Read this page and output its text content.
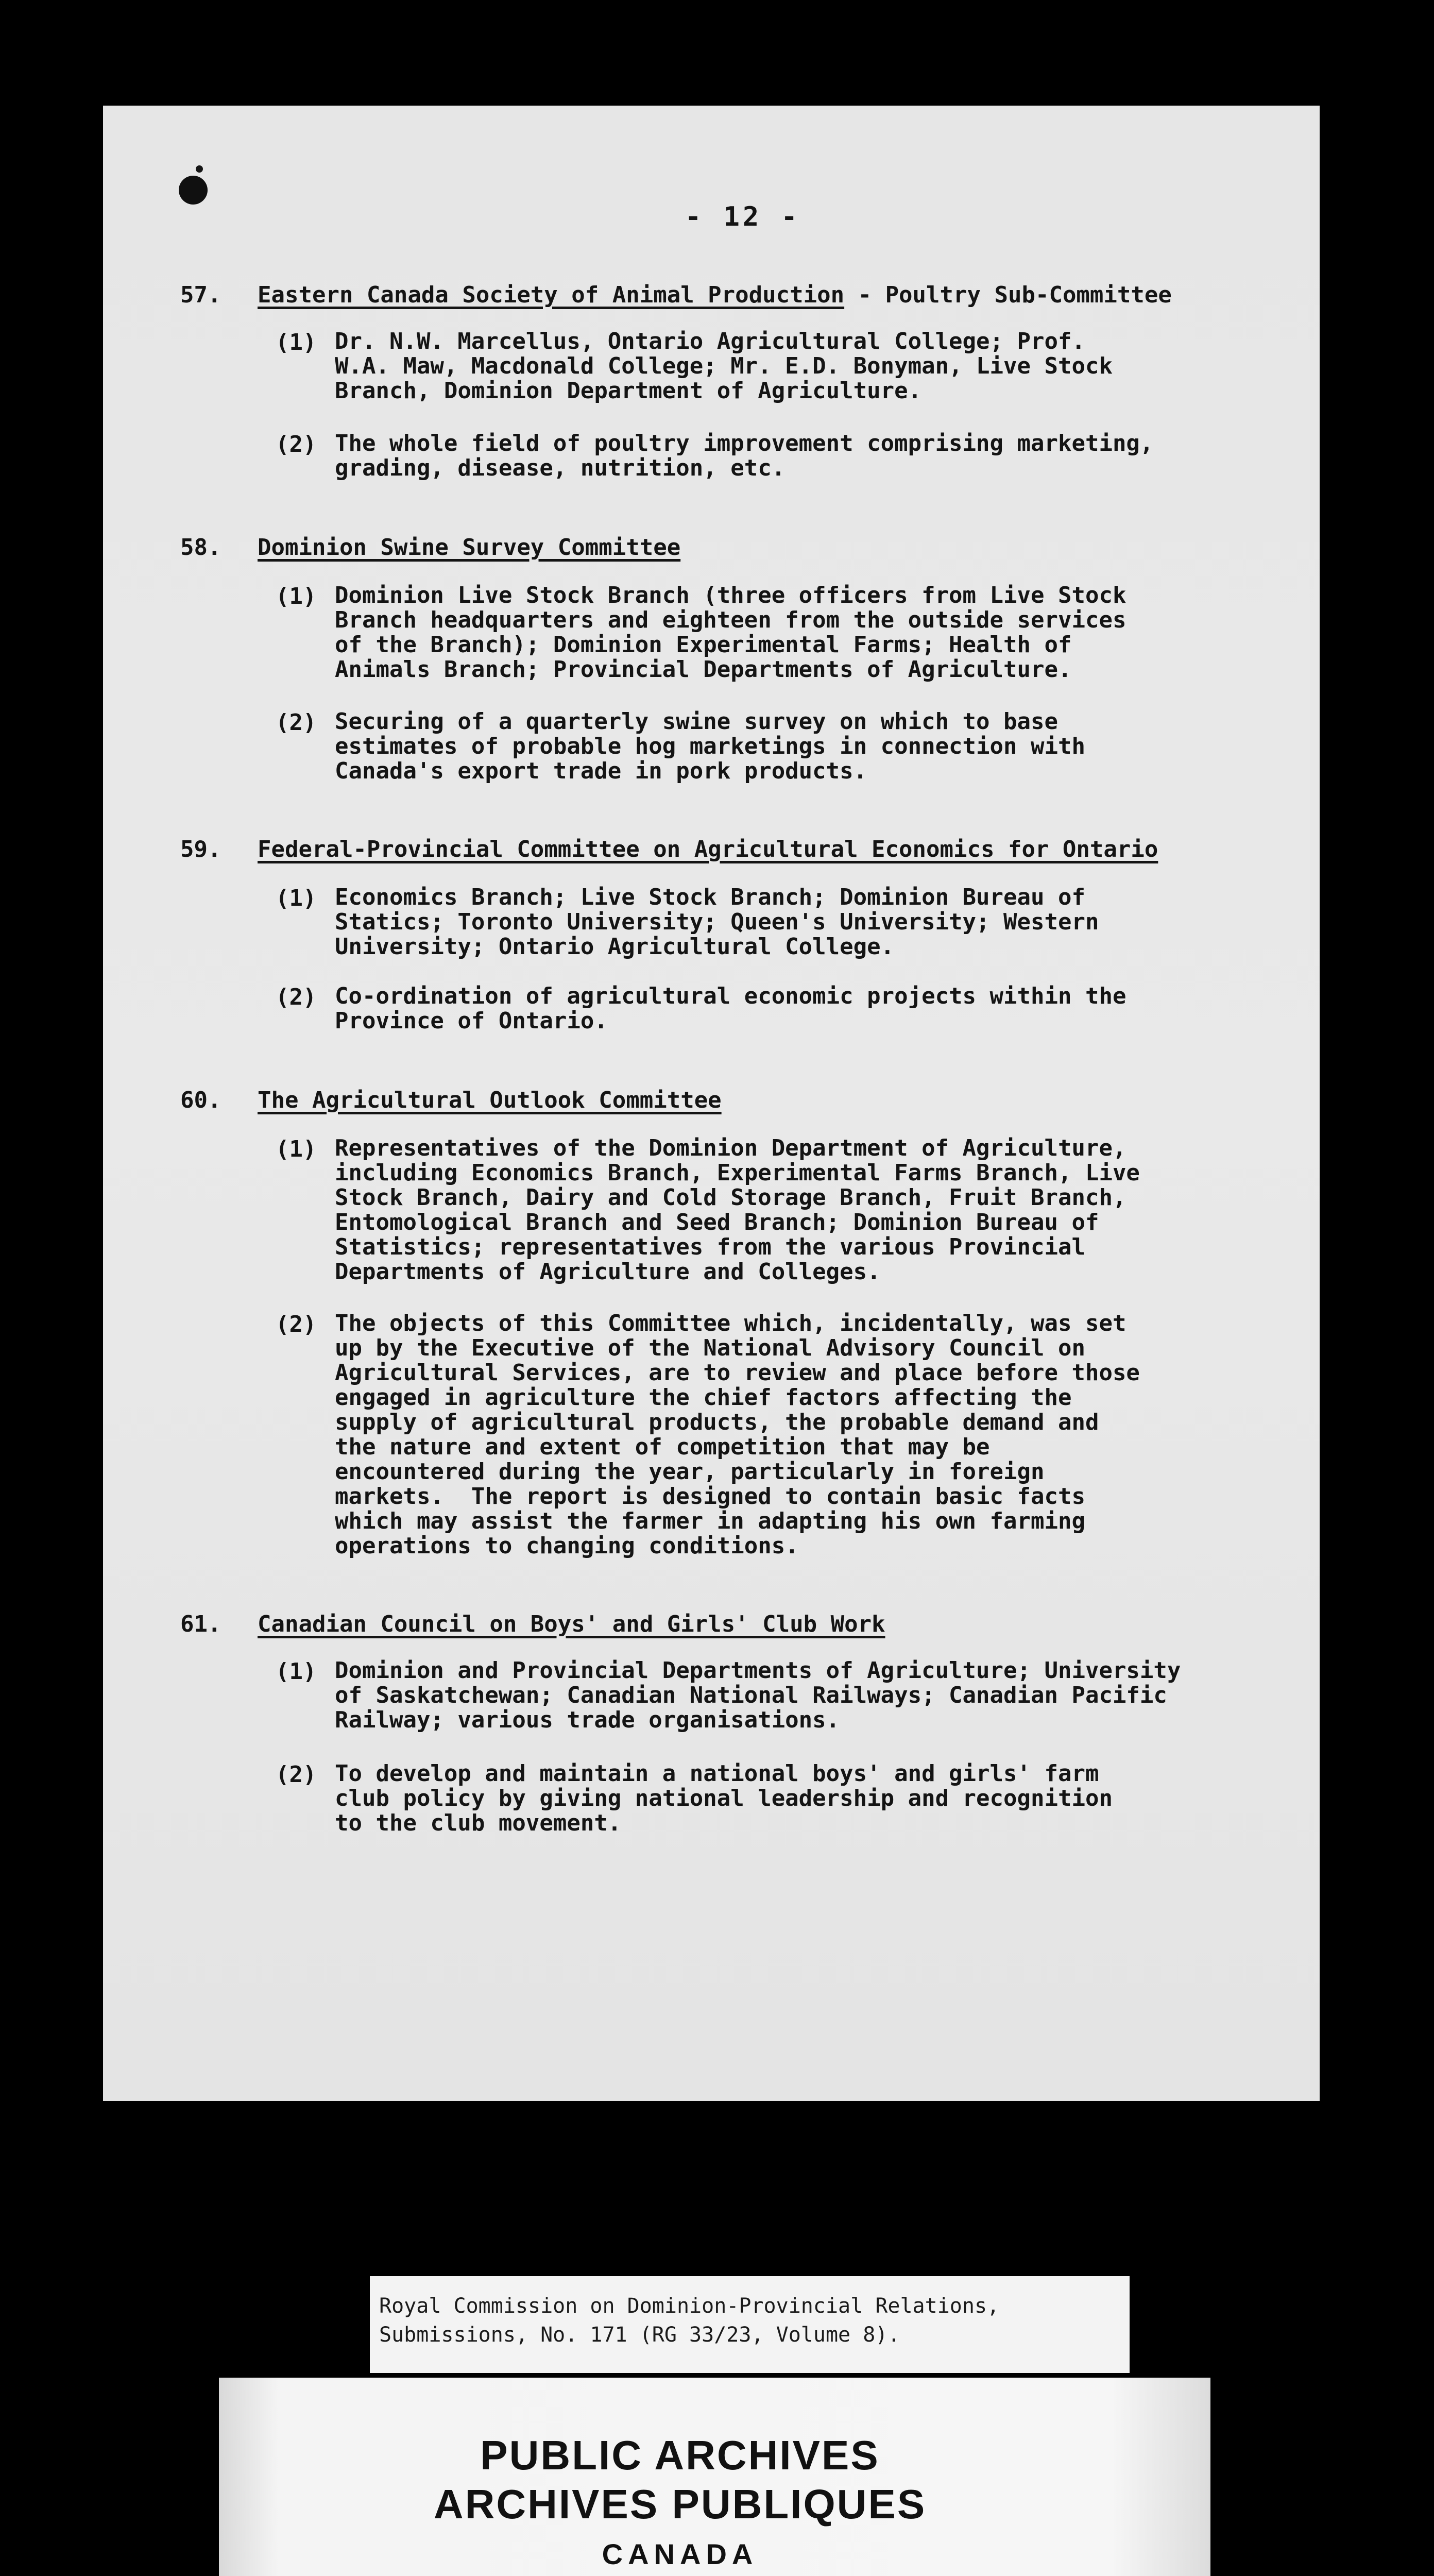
- 12 -
57. Eastern Canada Society of Animal Production - Poultry Sub-Committee
(1) Dr. N.W. Marcellus, Ontario Agricultural College; Prof.
W.A. Maw, Macdonald College; Mr. E.D. Bonyman, Live Stock
Branch, Dominion Department of Agriculture.
(2) The whole field of poultry improvement comprising marketing,
grading, disease, nutrition, etc.
58. Dominion Swine Survey Committee
(1) Dominion Live Stock Branch (three officers from Live Stock
Branch headquarters and eighteen from the outside services
of the Branch); Dominion Experimental Farms; Health of
Animals Branch; Provincial Departments of Agriculture.
(2) Securing of a quarterly swine survey on which to base
estimates of probable hog marketings in connection with
Canada's export trade in pork products.
59. Federal-Provincial Committee on Agricultural Economics for Ontario
(1) Economics Branch; Live Stock Branch; Dominion Bureau of
Statics; Toronto University; Queen's University; Western
University; Ontario Agricultural College.
(2) Co-ordination of agricultural economic projects within the
Province of Ontario.
60. The Agricultural Outlook Committee
(1) Representatives of the Dominion Department of Agriculture,
including Economics Branch, Experimental Farms Branch, Live
Stock Branch, Dairy and Cold Storage Branch, Fruit Branch,
Entomological Branch and Seed Branch; Dominion Bureau of
Statistics; representatives from the various Provincial
Departments of Agriculture and Colleges.
(2) The objects of this Committee which, incidentally, was set
up by the Executive of the National Advisory Council on
Agricultural Services, are to review and place before those
engaged in agriculture the chief factors affecting the
supply of agricultural products, the probable demand and
the nature and extent of competition that may be
encountered during the year, particularly in foreign
markets.  The report is designed to contain basic facts
which may assist the farmer in adapting his own farming
operations to changing conditions.
61. Canadian Council on Boys' and Girls' Club Work
(1) Dominion and Provincial Departments of Agriculture; University
of Saskatchewan; Canadian National Railways; Canadian Pacific
Railway; various trade organisations.
(2) To develop and maintain a national boys' and girls' farm
club policy by giving national leadership and recognition
to the club movement.
Royal Commission on Dominion-Provincial Relations,
Submissions, No. 171 (RG 33/23, Volume 8).
PUBLIC ARCHIVES
ARCHIVES PUBLIQUES
CANADA
